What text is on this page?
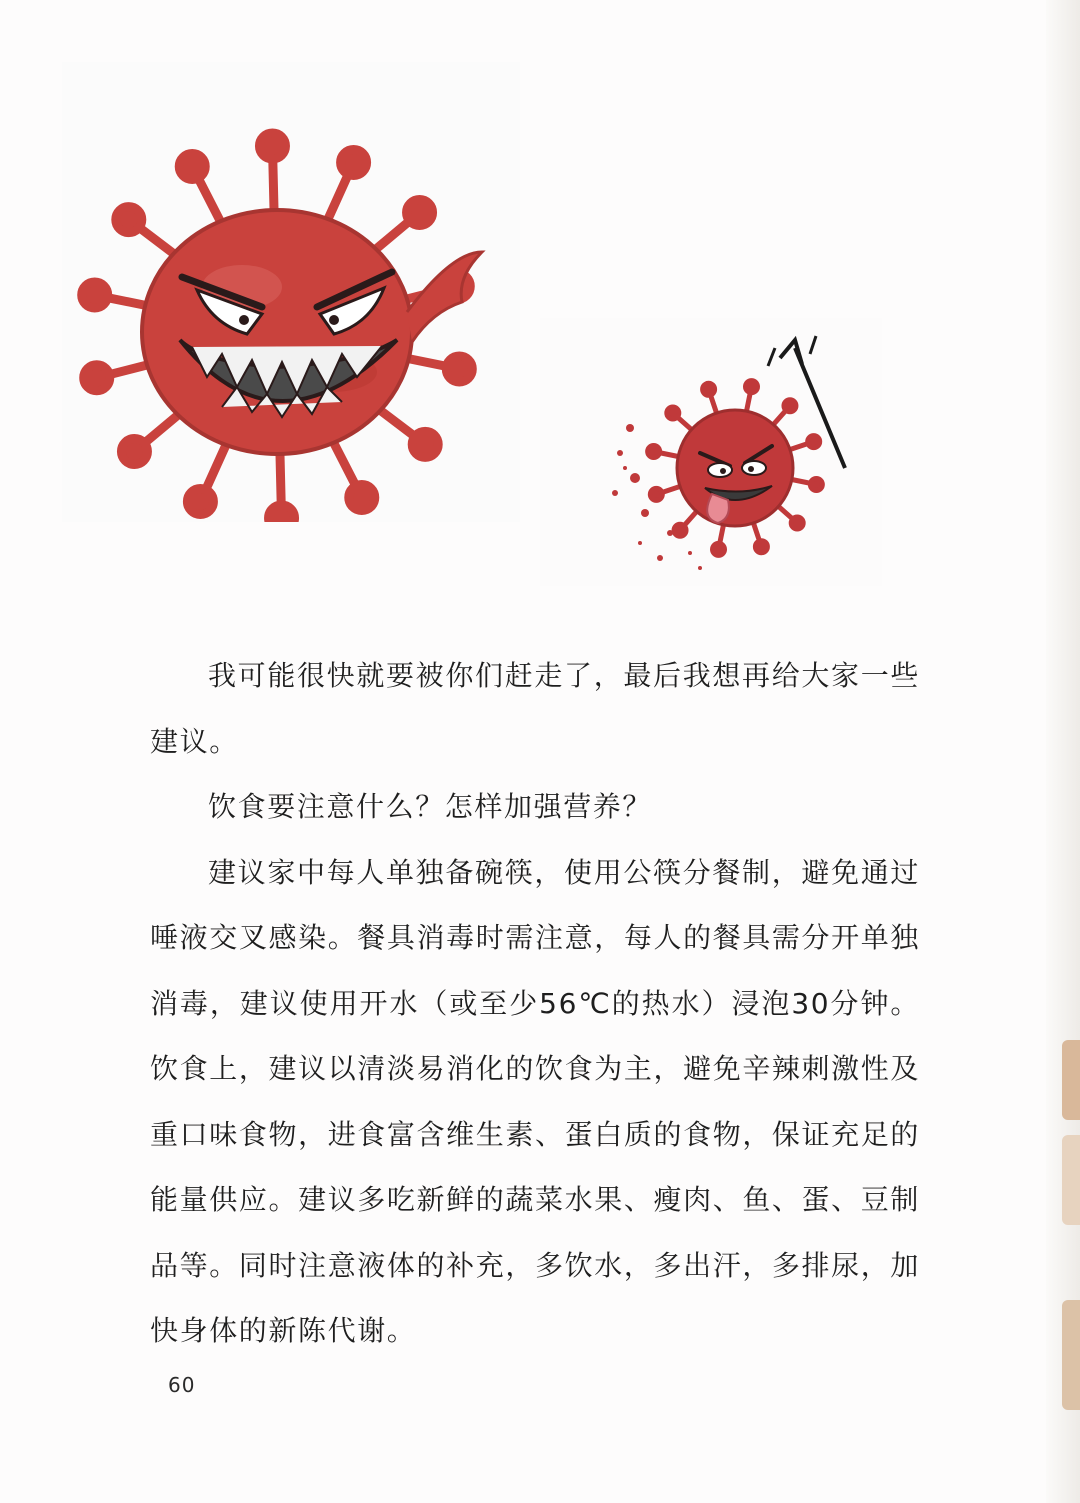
我可能很快就要被你们赶走了，最后我想再给大家一些建议。

饮食要注意什么？怎样加强营养？

建议家中每人单独备碗筷，使用公筷分餐制，避免通过唾液交叉感染。餐具消毒时需注意，每人的餐具需分开单独消毒，建议使用开水（或至少56℃的热水）浸泡30分钟。饮食上，建议以清淡易消化的饮食为主，避免辛辣刺激性及重口味食物，进食富含维生素、蛋白质的食物，保证充足的能量供应。建议多吃新鲜的蔬菜水果、瘦肉、鱼、蛋、豆制品等。同时注意液体的补充，多饮水，多出汗，多排尿，加快身体的新陈代谢。

60
